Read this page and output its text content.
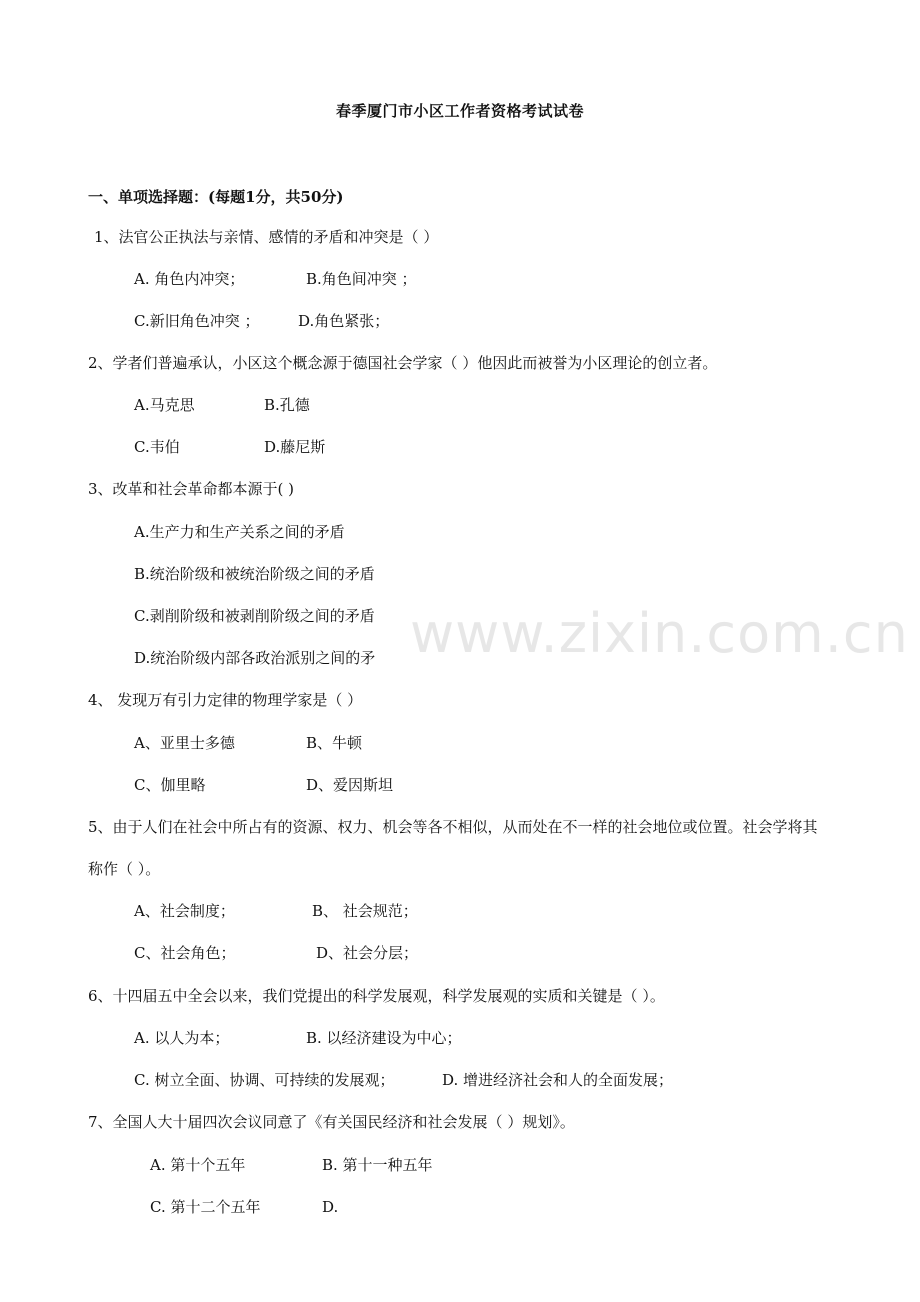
www.zixin.com.cn
春季厦门市小区工作者资格考试试卷
一、单项选择题：(每题1分，共50分)
1、法官公正执法与亲情、感情的矛盾和冲突是（ ）
A. 角色内冲突；	B.角色间冲突 ；
C.新旧角色冲突 ；	D.角色紧张；
2、学者们普遍承认，小区这个概念源于德国社会学家（ ）他因此而被誉为小区理论的创立者。
A.马克思	B.孔德
C.韦伯	D.藤尼斯
3、改革和社会革命都本源于( )
A.生产力和生产关系之间的矛盾
B.统治阶级和被统治阶级之间的矛盾
C.剥削阶级和被剥削阶级之间的矛盾
D.统治阶级内部各政治派别之间的矛
4、 发现万有引力定律的物理学家是（ ）
A、亚里士多德	B、牛顿
C、伽里略	D、爱因斯坦
5、由于人们在社会中所占有的资源、权力、机会等各不相似，从而处在不一样的社会地位或位置。社会学将其
称作（ ）。
A、社会制度；	B、 社会规范；
C、社会角色；	D、社会分层；
6、十四届五中全会以来，我们党提出的科学发展观，科学发展观的实质和关键是（ ）。
A. 以人为本；	B. 以经济建设为中心；
C. 树立全面、协调、可持续的发展观；	D. 增进经济社会和人的全面发展；
7、全国人大十届四次会议同意了《有关国民经济和社会发展（ ）规划》。
A. 第十个五年	B. 第十一种五年
C. 第十二个五年	D.
